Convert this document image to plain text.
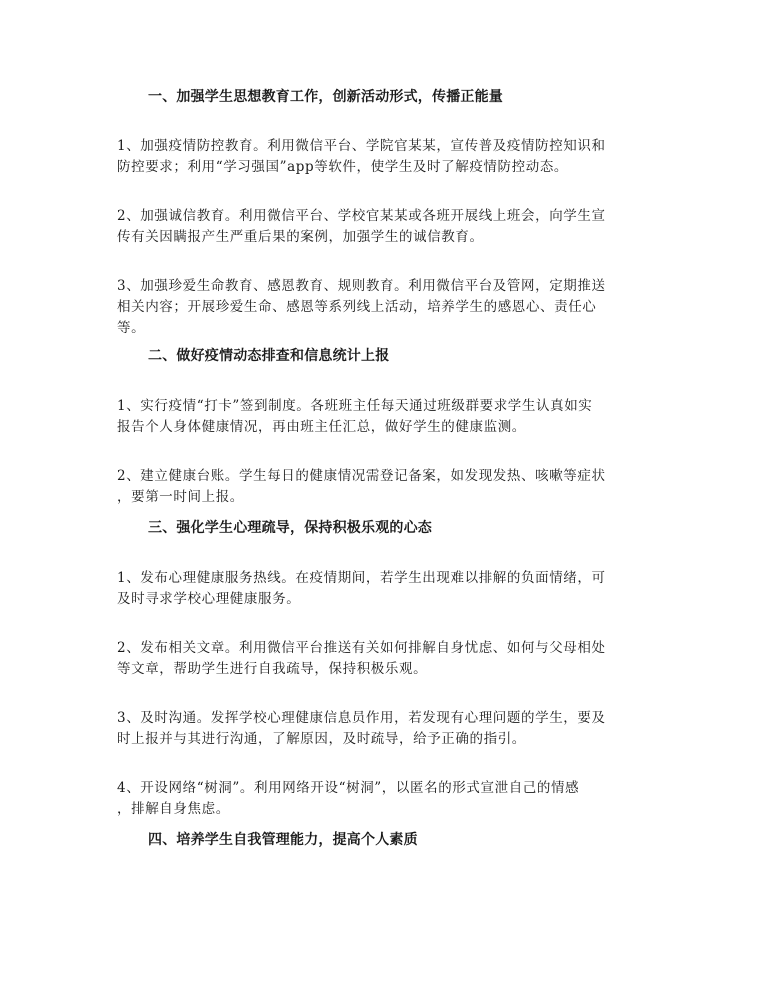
一、加强学生思想教育工作，创新活动形式，传播正能量
1、加强疫情防控教育。利用微信平台、学院官某某，宣传普及疫情防控知识和
防控要求；利用“学习强国”app等软件，使学生及时了解疫情防控动态。
2、加强诚信教育。利用微信平台、学校官某某或各班开展线上班会，向学生宣
传有关因瞒报产生严重后果的案例，加强学生的诚信教育。
3、加强珍爱生命教育、感恩教育、规则教育。利用微信平台及管网，定期推送
相关内容；开展珍爱生命、感恩等系列线上活动，培养学生的感恩心、责任心
等。
二、做好疫情动态排查和信息统计上报
1、实行疫情“打卡”签到制度。各班班主任每天通过班级群要求学生认真如实
报告个人身体健康情况，再由班主任汇总，做好学生的健康监测。
2、建立健康台账。学生每日的健康情况需登记备案，如发现发热、咳嗽等症状
，要第一时间上报。
三、强化学生心理疏导，保持积极乐观的心态
1、发布心理健康服务热线。在疫情期间，若学生出现难以排解的负面情绪，可
及时寻求学校心理健康服务。
2、发布相关文章。利用微信平台推送有关如何排解自身忧虑、如何与父母相处
等文章，帮助学生进行自我疏导，保持积极乐观。
3、及时沟通。发挥学校心理健康信息员作用，若发现有心理问题的学生，要及
时上报并与其进行沟通，了解原因，及时疏导，给予正确的指引。
4、开设网络“树洞”。利用网络开设“树洞”，以匿名的形式宣泄自己的情感
，排解自身焦虑。
四、培养学生自我管理能力，提高个人素质
